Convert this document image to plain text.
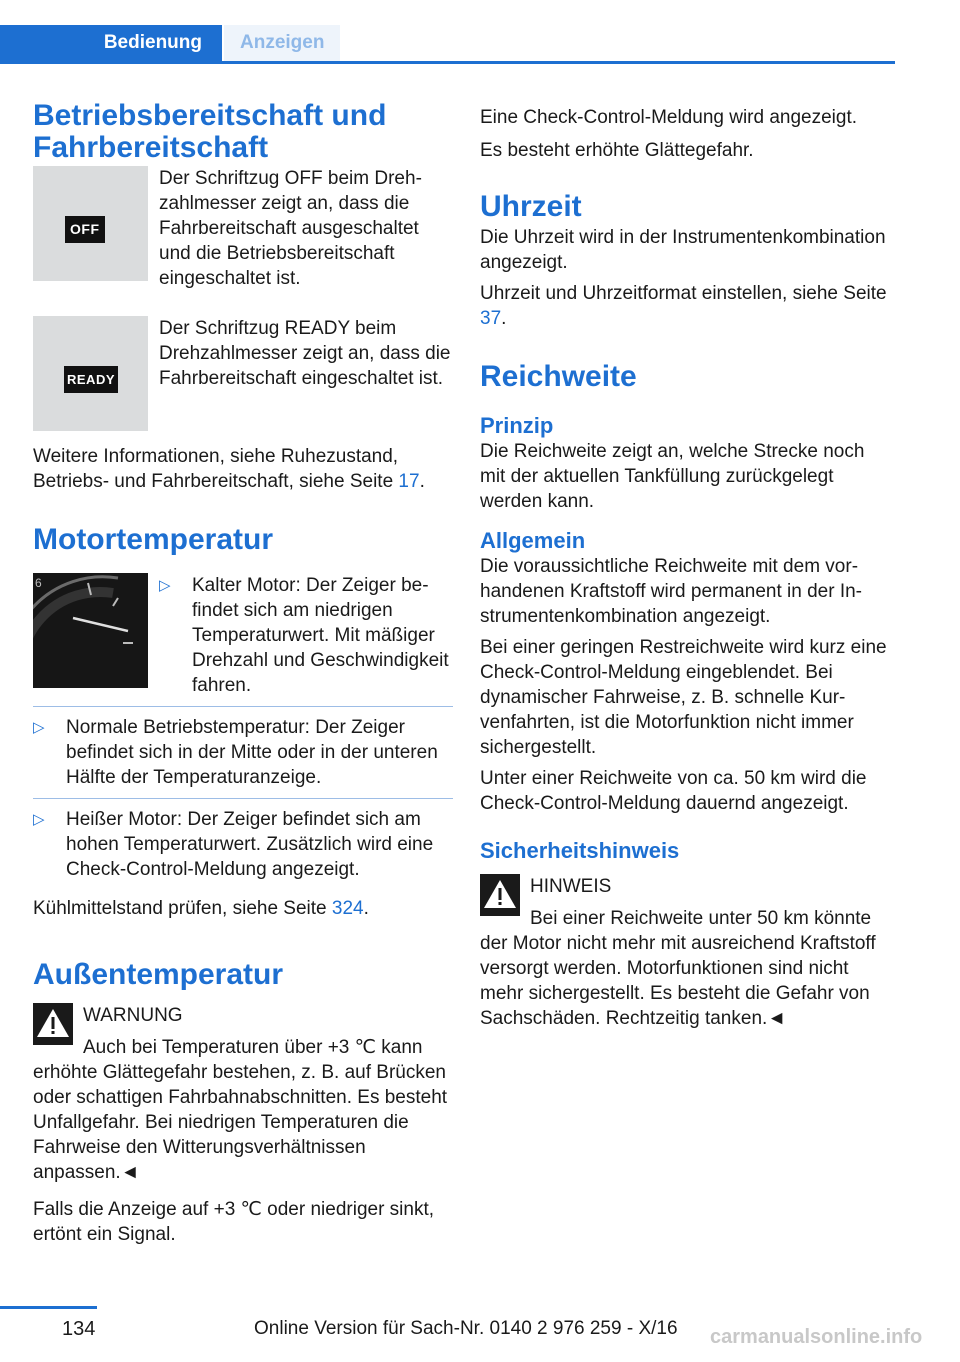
Bedienung	Anzeigen
Betriebsbereitschaft und Fahrbereitschaft
OFF

Der Schriftzug OFF beim Drehzahlmesser zeigt an, dass die Fahrbereitschaft ausgeschaltet und die Betriebsbereitschaft eingeschaltet ist.

READY

Der Schriftzug READY beim Drehzahlmesser zeigt an, dass die Fahrbereitschaft eingeschaltet ist.

Weitere Informationen, siehe Ruhezustand, Betriebs- und Fahrbereitschaft, siehe Seite 17.

Motortemperatur
6	▷ Kalter Motor: Der Zeiger befindet sich am niedrigen Temperaturwert. Mit mäßiger Drehzahl und Geschwindigkeit fahren.
▷ Normale Betriebstemperatur: Der Zeiger befindet sich in der Mitte oder in der unteren Hälfte der Temperaturanzeige.
▷ Heißer Motor: Der Zeiger befindet sich am hohen Temperaturwert. Zusätzlich wird eine Check-Control-Meldung angezeigt.

Kühlmittelstand prüfen, siehe Seite 324.

Außentemperatur

WARNUNG

Auch bei Temperaturen über +3 ℃ kann erhöhte Glättegefahr bestehen, z. B. auf Brücken oder schattigen Fahrbahnabschnitten. Es besteht Unfallgefahr. Bei niedrigen Temperaturen die Fahrweise den Witterungsverhältnissen anpassen.◄

Falls die Anzeige auf +3 ℃ oder niedriger sinkt, ertönt ein Signal.

Eine Check-Control-Meldung wird angezeigt.

Es besteht erhöhte Glättegefahr.

Uhrzeit

Die Uhrzeit wird in der Instrumentenkombination angezeigt.

Uhrzeit und Uhrzeitformat einstellen, siehe Seite 37.

Reichweite
Prinzip

Die Reichweite zeigt an, welche Strecke noch mit der aktuellen Tankfüllung zurückgelegt werden kann.

Allgemein

Die voraussichtliche Reichweite mit dem vorhandenen Kraftstoff wird permanent in der Instrumentenkombination angezeigt.

Bei einer geringen Restreichweite wird kurz eine Check-Control-Meldung eingeblendet. Bei dynamischer Fahrweise, z. B. schnelle Kurvenfahrten, ist die Motorfunktion nicht immer sichergestellt.

Unter einer Reichweite von ca. 50 km wird die Check-Control-Meldung dauernd angezeigt.

Sicherheitshinweis

HINWEIS

Bei einer Reichweite unter 50 km könnte der Motor nicht mehr mit ausreichend Kraftstoff versorgt werden. Motorfunktionen sind nicht mehr sichergestellt. Es besteht die Gefahr von Sachschäden. Rechtzeitig tanken.◄

134	Online Version für Sach-Nr. 0140 2 976 259 - X/16 carmanualsonline.info
